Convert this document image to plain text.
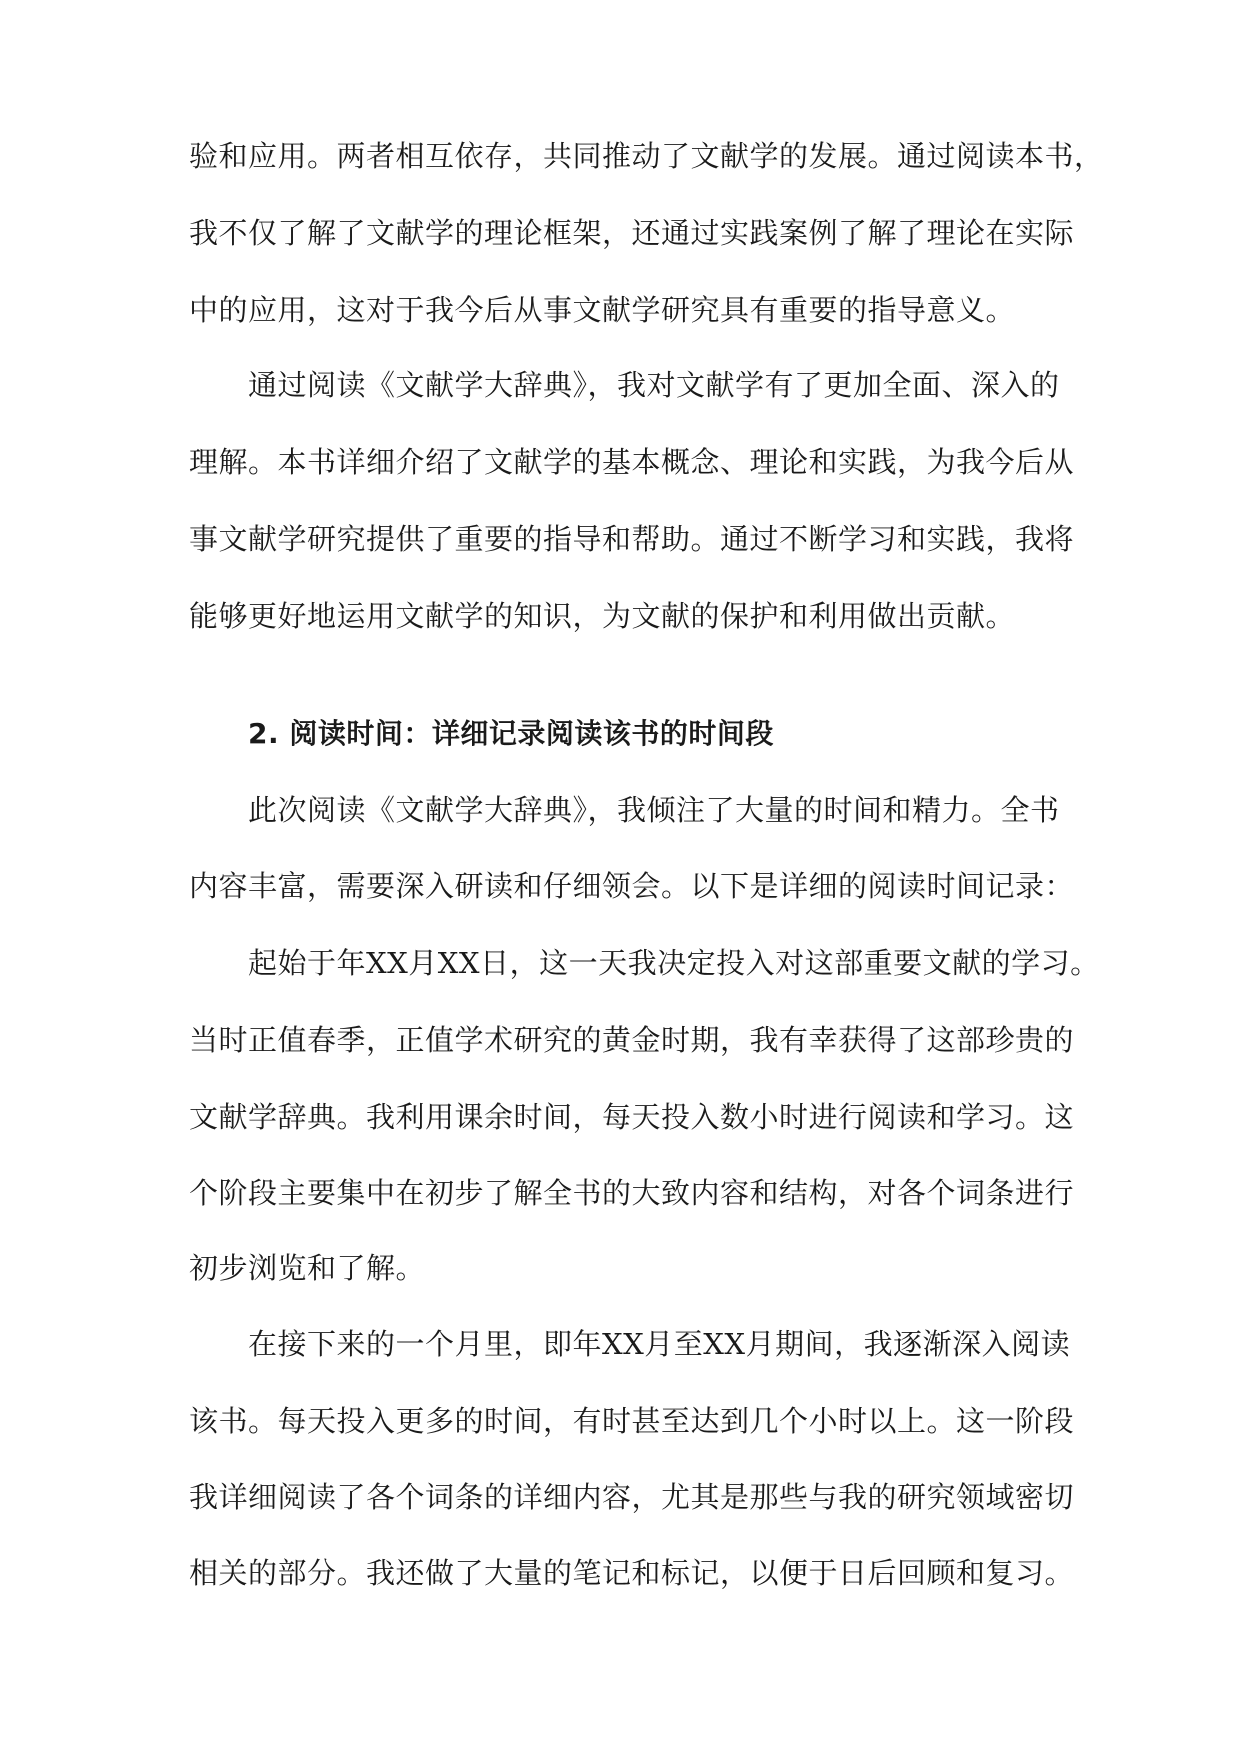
验和应用。两者相互依存，共同推动了文献学的发展。通过阅读本书，
我不仅了解了文献学的理论框架，还通过实践案例了解了理论在实际
中的应用，这对于我今后从事文献学研究具有重要的指导意义。
通过阅读《文献学大辞典》，我对文献学有了更加全面、深入的
理解。本书详细介绍了文献学的基本概念、理论和实践，为我今后从
事文献学研究提供了重要的指导和帮助。通过不断学习和实践，我将
能够更好地运用文献学的知识，为文献的保护和利用做出贡献。
2. 阅读时间：详细记录阅读该书的时间段
此次阅读《文献学大辞典》，我倾注了大量的时间和精力。全书
内容丰富，需要深入研读和仔细领会。以下是详细的阅读时间记录：
起始于年XX月XX日，这一天我决定投入对这部重要文献的学习。
当时正值春季，正值学术研究的黄金时期，我有幸获得了这部珍贵的
文献学辞典。我利用课余时间，每天投入数小时进行阅读和学习。这
个阶段主要集中在初步了解全书的大致内容和结构，对各个词条进行
初步浏览和了解。
在接下来的一个月里，即年XX月至XX月期间，我逐渐深入阅读
该书。每天投入更多的时间，有时甚至达到几个小时以上。这一阶段
我详细阅读了各个词条的详细内容，尤其是那些与我的研究领域密切
相关的部分。我还做了大量的笔记和标记，以便于日后回顾和复习。
